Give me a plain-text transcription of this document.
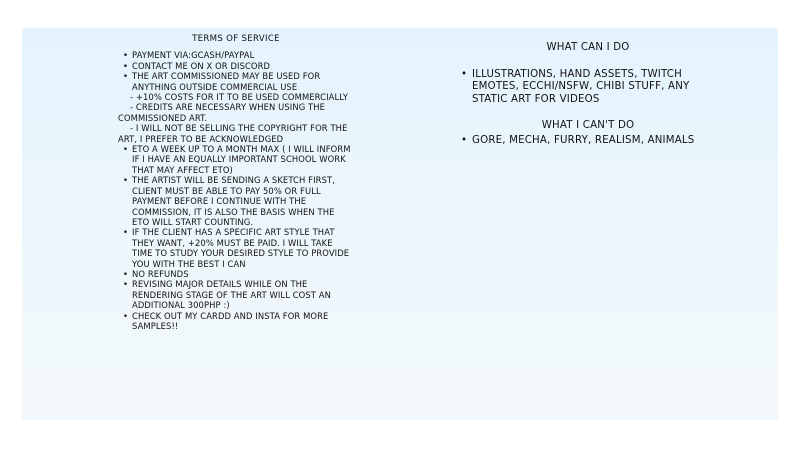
TERMS OF SERVICE
• PAYMENT VIA:GCASH/PAYPAL
• CONTACT ME ON X OR DISCORD
• THE ART COMMISSIONED MAY BE USED FOR ANYTHING OUTSIDE COMMERCIAL USE
- +10% COSTS FOR IT TO BE USED COMMERCIALLY
- CREDITS ARE NECESSARY WHEN USING THE COMMISSIONED ART.
- I WILL NOT BE SELLING THE COPYRIGHT FOR THE ART, I PREFER TO BE ACKNOWLEDGED
• ETO A WEEK UP TO A MONTH MAX ( I WILL INFORM IF I HAVE AN EQUALLY IMPORTANT SCHOOL WORK THAT MAY AFFECT ETO)
• THE ARTIST WILL BE SENDING A SKETCH FIRST, CLIENT MUST BE ABLE TO PAY 50% OR FULL PAYMENT BEFORE I CONTINUE WITH THE COMMISSION, IT IS ALSO THE BASIS WHEN THE ETO WILL START COUNTING.
• IF THE CLIENT HAS A SPECIFIC ART STYLE THAT THEY WANT, +20% MUST BE PAID. I WILL TAKE TIME TO STUDY YOUR DESIRED STYLE TO PROVIDE YOU WITH THE BEST I CAN
• NO REFUNDS
• REVISING MAJOR DETAILS WHILE ON THE RENDERING STAGE OF THE ART WILL COST AN ADDITIONAL 300PHP :)
• CHECK OUT MY CARDD AND INSTA FOR MORE SAMPLES!!
WHAT CAN I DO
• ILLUSTRATIONS, HAND ASSETS, TWITCH EMOTES, ECCHI/NSFW, CHIBI STUFF, ANY STATIC ART FOR VIDEOS
WHAT I CAN'T DO
• GORE, MECHA, FURRY, REALISM, ANIMALS
